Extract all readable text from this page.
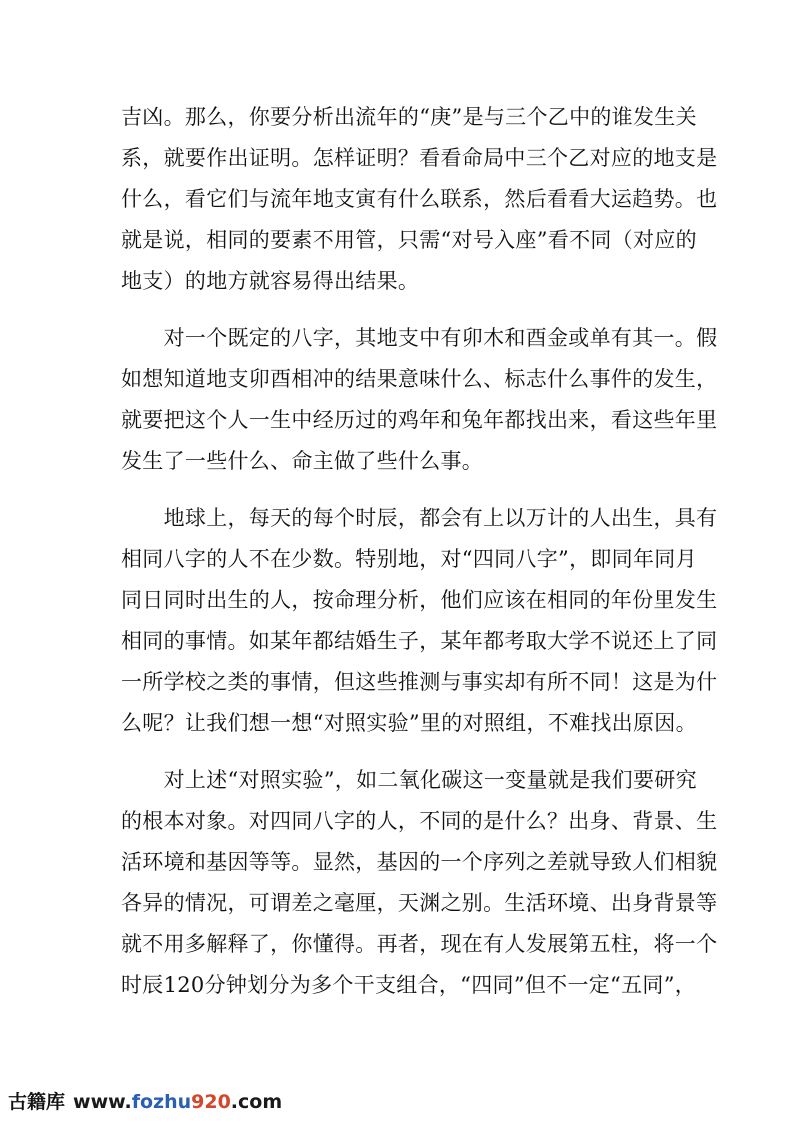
吉凶。那么，你要分析出流年的“庚”是与三个乙中的谁发生关
系，就要作出证明。怎样证明？看看命局中三个乙对应的地支是
什么，看它们与流年地支寅有什么联系，然后看看大运趋势。也
就是说，相同的要素不用管，只需“对号入座”看不同（对应的
地支）的地方就容易得出结果。

　　对一个既定的八字，其地支中有卯木和酉金或单有其一。假
如想知道地支卯酉相冲的结果意味什么、标志什么事件的发生，
就要把这个人一生中经历过的鸡年和兔年都找出来，看这些年里
发生了一些什么、命主做了些什么事。

　　地球上，每天的每个时辰，都会有上以万计的人出生，具有
相同八字的人不在少数。特别地，对“四同八字”，即同年同月
同日同时出生的人，按命理分析，他们应该在相同的年份里发生
相同的事情。如某年都结婚生子，某年都考取大学不说还上了同
一所学校之类的事情，但这些推测与事实却有所不同！这是为什
么呢？让我们想一想“对照实验”里的对照组，不难找出原因。

　　对上述“对照实验”，如二氧化碳这一变量就是我们要研究
的根本对象。对四同八字的人，不同的是什么？出身、背景、生
活环境和基因等等。显然，基因的一个序列之差就导致人们相貌
各异的情况，可谓差之毫厘，天渊之别。生活环境、出身背景等
就不用多解释了，你懂得。再者，现在有人发展第五柱，将一个
时辰120分钟划分为多个干支组合，“四同”但不一定“五同”，

古籍库 www.fozhu920.com
